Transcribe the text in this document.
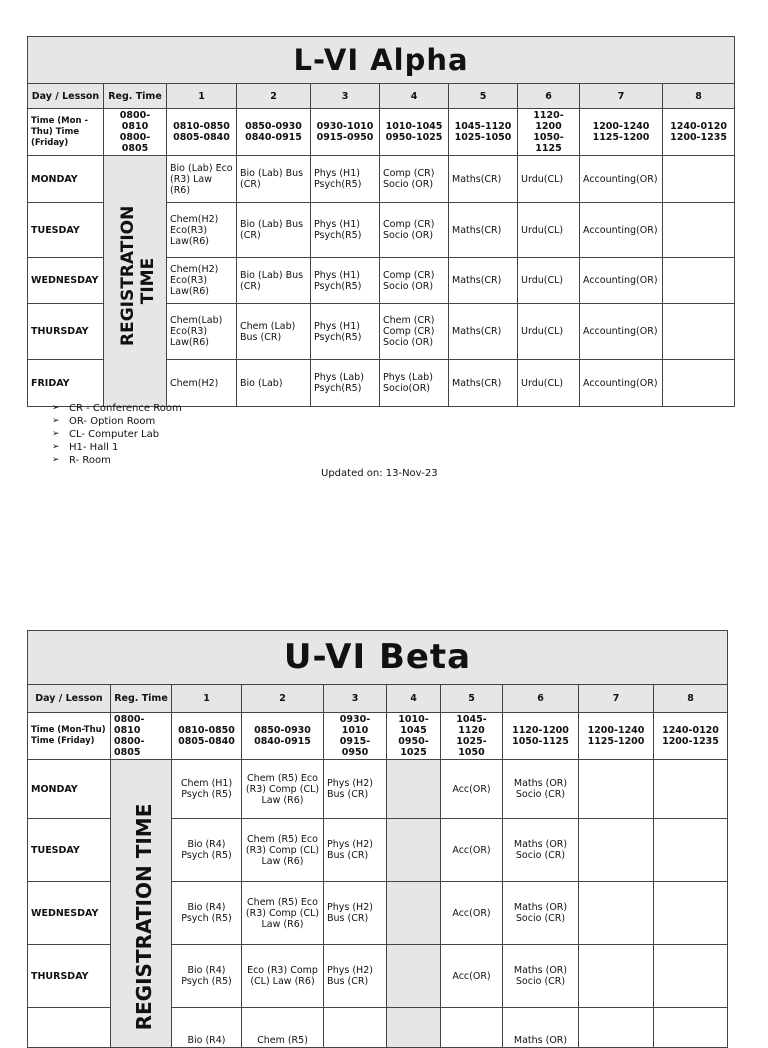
L-VI Alpha									
Day / Lesson	Reg. Time	1	2	3	4	5	6	7	8
Time (Mon - Thu) Time (Friday)	0800-0810 0800-0805	0810-0850 0805-0840	0850-0930 0840-0915	0930-1010 0915-0950	1010-1045 0950-1025	1045-1120 1025-1050	1120-1200 1050-1125	1200-1240 1125-1200	1240-0120 1200-1235
MONDAY	REGISTRATION TIME	Bio (Lab) Eco (R3) Law (R6)	Bio (Lab) Bus (CR)	Phys (H1) Psych(R5)	Comp (CR) Socio (OR)	Maths(CR)	Urdu(CL)	Accounting(OR)	
TUESDAY		Chem(H2) Eco(R3) Law(R6)	Bio (Lab) Bus (CR)	Phys (H1) Psych(R5)	Comp (CR) Socio (OR)	Maths(CR)	Urdu(CL)	Accounting(OR)	
WEDNESDAY		Chem(H2) Eco(R3) Law(R6)	Bio (Lab) Bus (CR)	Phys (H1) Psych(R5)	Comp (CR) Socio (OR)	Maths(CR)	Urdu(CL)	Accounting(OR)	
THURSDAY		Chem(Lab) Eco(R3) Law(R6)	Chem (Lab) Bus (CR)	Phys (H1) Psych(R5)	Chem (CR) Comp (CR) Socio (OR)	Maths(CR)	Urdu(CL)	Accounting(OR)	
FRIDAY		Chem(H2)	Bio (Lab)	Phys (Lab) Psych(R5)	Phys (Lab) Socio(OR)	Maths(CR)	Urdu(CL)	Accounting(OR)	
➢ CR - Conference Room
➢ OR- Option Room
➢ CL- Computer Lab
➢ H1- Hall 1
➢ R- Room
Updated on: 13-Nov-23
U-VI Beta									
Day / Lesson	Reg. Time	1	2	3	4	5	6	7	8
Time (Mon-Thu) Time (Friday)	0800-0810 0800-0805	0810-0850 0805-0840	0850-0930 0840-0915	0930-1010 0915-0950	1010-1045 0950-1025	1045-1120 1025-1050	1120-1200 1050-1125	1200-1240 1125-1200	1240-0120 1200-1235
MONDAY	REGISTRATION TIME	Chem (H1) Psych (R5)	Chem (R5) Eco (R3) Comp (CL) Law (R6)	Phys (H2) Bus (CR)		Acc(OR)	Maths (OR) Socio (CR)		
TUESDAY		Bio (R4) Psych (R5)	Chem (R5) Eco (R3) Comp (CL) Law (R6)	Phys (H2) Bus (CR)		Acc(OR)	Maths (OR) Socio (CR)		
WEDNESDAY		Bio (R4) Psych (R5)	Chem (R5) Eco (R3) Comp (CL) Law (R6)	Phys (H2) Bus (CR)		Acc(OR)	Maths (OR) Socio (CR)		
THURSDAY		Bio (R4) Psych (R5)	Eco (R3) Comp (CL) Law (R6)	Phys (H2) Bus (CR)		Acc(OR)	Maths (OR) Socio (CR)		
		Bio (R4)	Chem (R5)				Maths (OR)		
